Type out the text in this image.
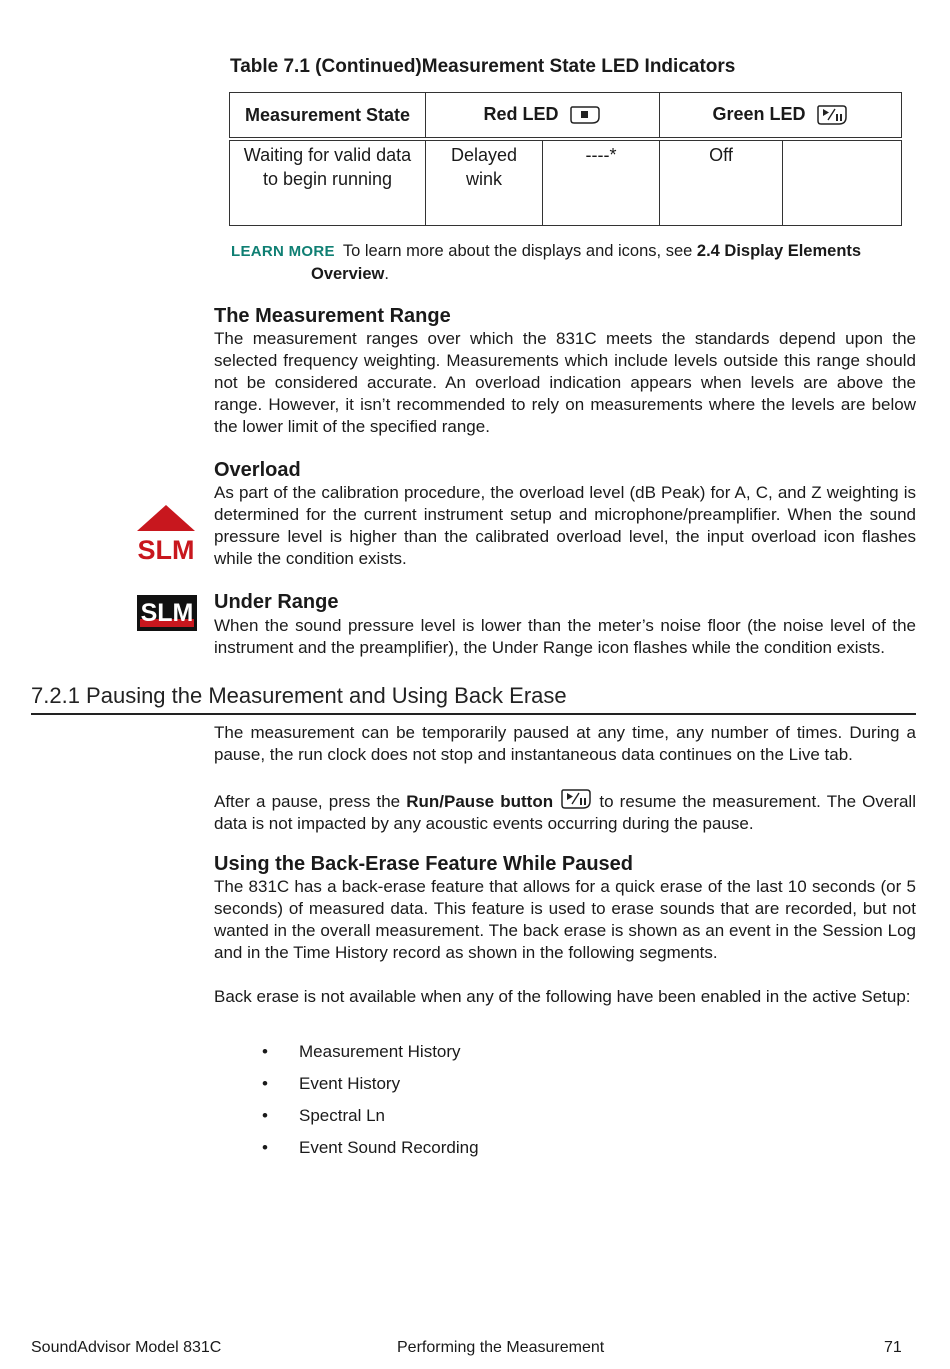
Table 7.1 (Continued)Measurement State LED Indicators
Measurement State	Red LED		Green LED	
Waiting for valid data to begin running	Delayed wink	----*	Off	
LEARN MORE To learn more about the displays and icons, see 2.4 Display Elements
Overview.
The Measurement Range

The measurement ranges over which the 831C meets the standards depend upon the selected frequency weighting. Measurements which include levels outside this range should not be considered accurate. An overload indication appears when levels are above the range. However, it isn’t recommended to rely on measurements where the levels are below the lower limit of the specified range.

Overload
SLM

As part of the calibration procedure, the overload level (dB Peak) for A, C, and Z weighting is determined for the current instrument setup and microphone/preamplifier. When the sound pressure level is higher than the calibrated overload level, the input overload icon flashes while the condition exists.

Under Range
SLM When the sound pressure level is lower than the meter’s noise floor (the noise level of the instrument and the preamplifier), the Under Range icon flashes while the condition exists.

7.2.1 Pausing the Measurement and Using Back Erase

The measurement can be temporarily paused at any time, any number of times. During a pause, the run clock does not stop and instantaneous data continues on the Live tab.

After a pause, press the Run/Pause button	to resume the measurement. The Overall data is not impacted by any acoustic events occurring during the pause.

Using the Back-Erase Feature While Paused

The 831C has a back-erase feature that allows for a quick erase of the last 10 seconds (or 5 seconds) of measured data. This feature is used to erase sounds that are recorded, but not wanted in the overall measurement. The back erase is shown as an event in the Session Log and in the Time History record as shown in the following segments.

Back erase is not available when any of the following have been enabled in the active Setup:

• Measurement History
• Event History
• Spectral Ln
• Event Sound Recording
SoundAdvisor Model 831C	Performing the Measurement	71
